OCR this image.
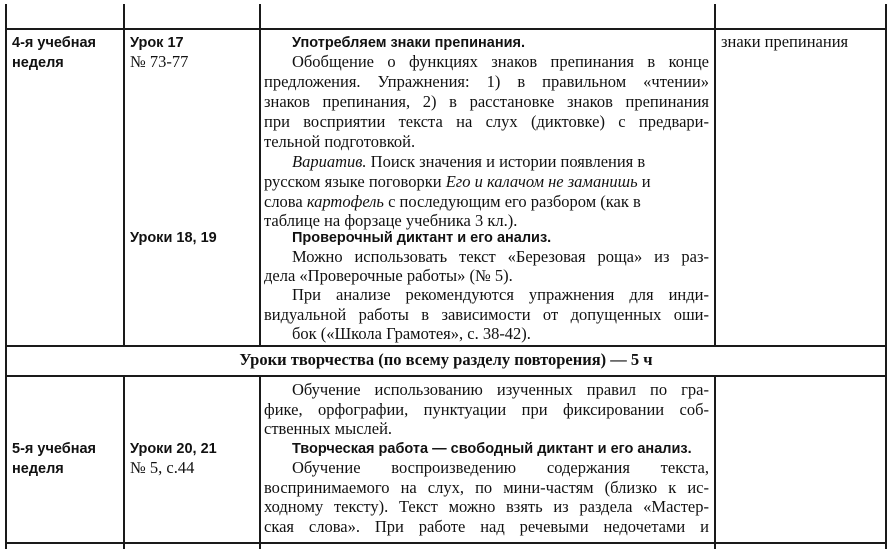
4-я учебная
неделя
Урок 17
№ 73-77
Уроки 18, 19
Употребляем знаки препинания.
Обобщение о функциях знаков препинания в конце
предложения. Упражнения: 1) в правильном «чтении»
знаков препинания, 2) в расстановке знаков препинания
при восприятии текста на слух (диктовке) с предвари-
тельной подготовкой.
Вариатив. Поиск значения и истории появления в
русском языке поговорки Его и калачом не заманишь и
слова картофель с последующим его разбором (как в
таблице на форзаце учебника 3 кл.).
Проверочный диктант и его анализ.
Можно использовать текст «Березовая роща» из раз-
дела «Проверочные работы» (№ 5).
При анализе рекомендуются упражнения для инди-
видуальной работы в зависимости от допущенных оши-
бок («Школа Грамотея», с. 38-42).
знаки препинания
Уроки творчества (по всему разделу повторения) — 5 ч
5-я учебная
неделя
Уроки 20, 21
№ 5, с.44
Обучение использованию изученных правил по гра-
фике, орфографии, пунктуации при фиксировании соб-
ственных мыслей.
Творческая работа — свободный диктант и его анализ.
Обучение воспроизведению содержания текста,
воспринимаемого на слух, по мини-частям (близко к ис-
ходному тексту). Текст можно взять из раздела «Мастер-
ская слова». При работе над речевыми недочетами и
